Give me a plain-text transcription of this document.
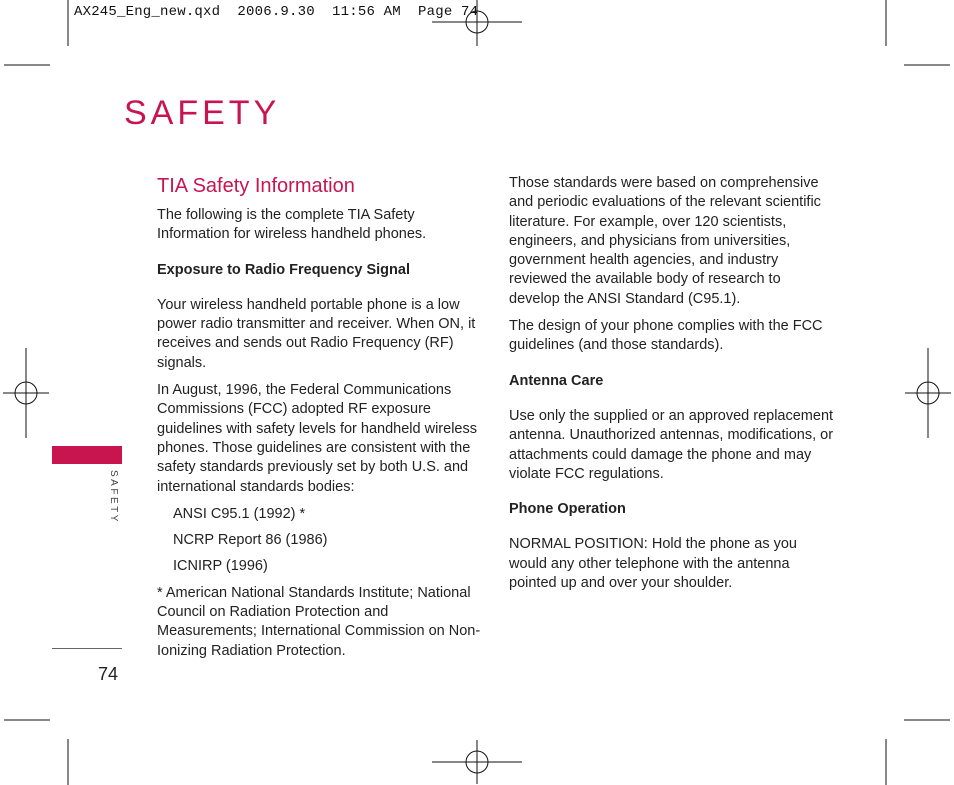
AX245_Eng_new.qxd  2006.9.30  11:56 AM  Page 74
SAFETY
TIA Safety Information

The following is the complete TIA Safety Information for wireless handheld phones.

Exposure to Radio Frequency Signal

Your wireless handheld portable phone is a low power radio transmitter and receiver. When ON, it receives and sends out Radio Frequency (RF) signals.

In August, 1996, the Federal Communications Commissions (FCC) adopted RF exposure guidelines with safety levels for handheld wireless phones. Those guidelines are consistent with the safety standards previously set by both U.S. and international standards bodies:

ANSI C95.1 (1992) *

NCRP Report 86 (1986)

ICNIRP (1996)

* American National Standards Institute; National Council on Radiation Protection and Measurements; International Commission on Non-Ionizing Radiation Protection.

Those standards were based on comprehensive and periodic evaluations of the relevant scientific literature. For example, over 120 scientists, engineers, and physicians from universities, government health agencies, and industry reviewed the available body of research to develop the ANSI Standard (C95.1).

The design of your phone complies with the FCC guidelines (and those standards).

Antenna Care

Use only the supplied or an approved replacement antenna. Unauthorized antennas, modifications, or attachments could damage the phone and may violate FCC regulations.

Phone Operation

NORMAL POSITION: Hold the phone as you would any other telephone with the antenna pointed up and over your shoulder.

SAFETY
74
